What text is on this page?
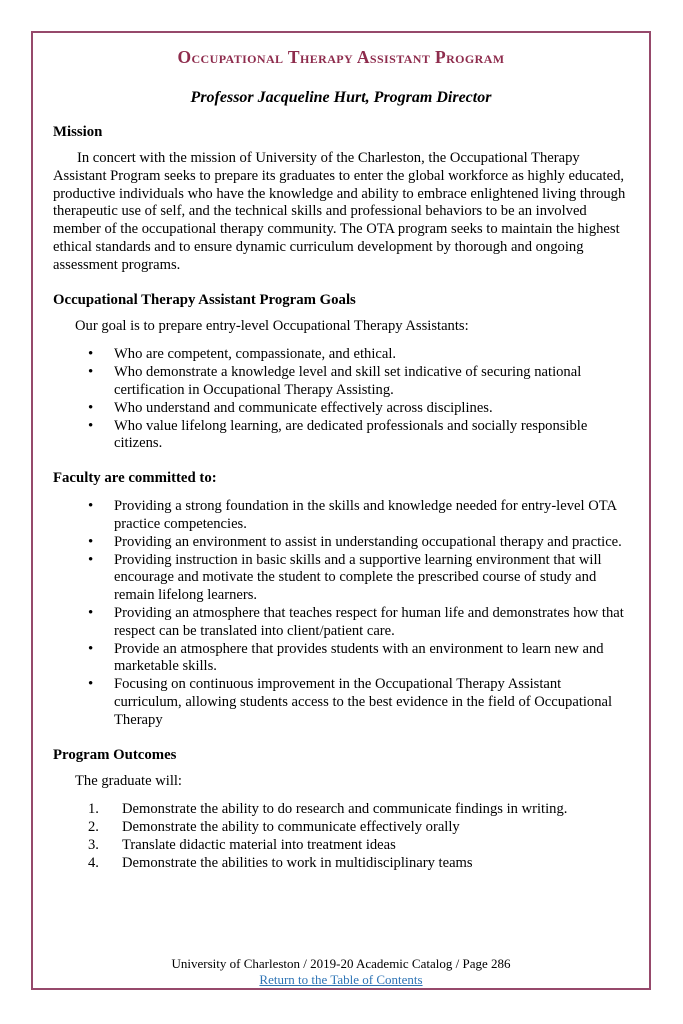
Occupational Therapy Assistant Program
Professor Jacqueline Hurt, Program Director
Mission

In concert with the mission of University of the Charleston, the Occupational Therapy Assistant Program seeks to prepare its graduates to enter the global workforce as highly educated, productive individuals who have the knowledge and ability to embrace enlightened living through therapeutic use of self, and the technical skills and professional behaviors to be an involved member of the occupational therapy community. The OTA program seeks to maintain the highest ethical standards and to ensure dynamic curriculum development by thorough and ongoing assessment programs.

Occupational Therapy Assistant Program Goals

Our goal is to prepare entry-level Occupational Therapy Assistants:

• Who are competent, compassionate, and ethical.
• Who demonstrate a knowledge level and skill set indicative of securing national certification in Occupational Therapy Assisting.
• Who understand and communicate effectively across disciplines.
• Who value lifelong learning, are dedicated professionals and socially responsible citizens.
Faculty are committed to:
• Providing a strong foundation in the skills and knowledge needed for entry-level OTA practice competencies.
• Providing an environment to assist in understanding occupational therapy and practice.
• Providing instruction in basic skills and a supportive learning environment that will encourage and motivate the student to complete the prescribed course of study and remain lifelong learners.
• Providing an atmosphere that teaches respect for human life and demonstrates how that respect can be translated into client/patient care.
• Provide an atmosphere that provides students with an environment to learn new and marketable skills.
• Focusing on continuous improvement in the Occupational Therapy Assistant curriculum, allowing students access to the best evidence in the field of Occupational Therapy
Program Outcomes

The graduate will:

Demonstrate the ability to do research and communicate findings in writing.
Demonstrate the ability to communicate effectively orally
Translate didactic material into treatment ideas
Demonstrate the abilities to work in multidisciplinary teams
University of Charleston / 2019-20 Academic Catalog / Page 286
Return to the Table of Contents
